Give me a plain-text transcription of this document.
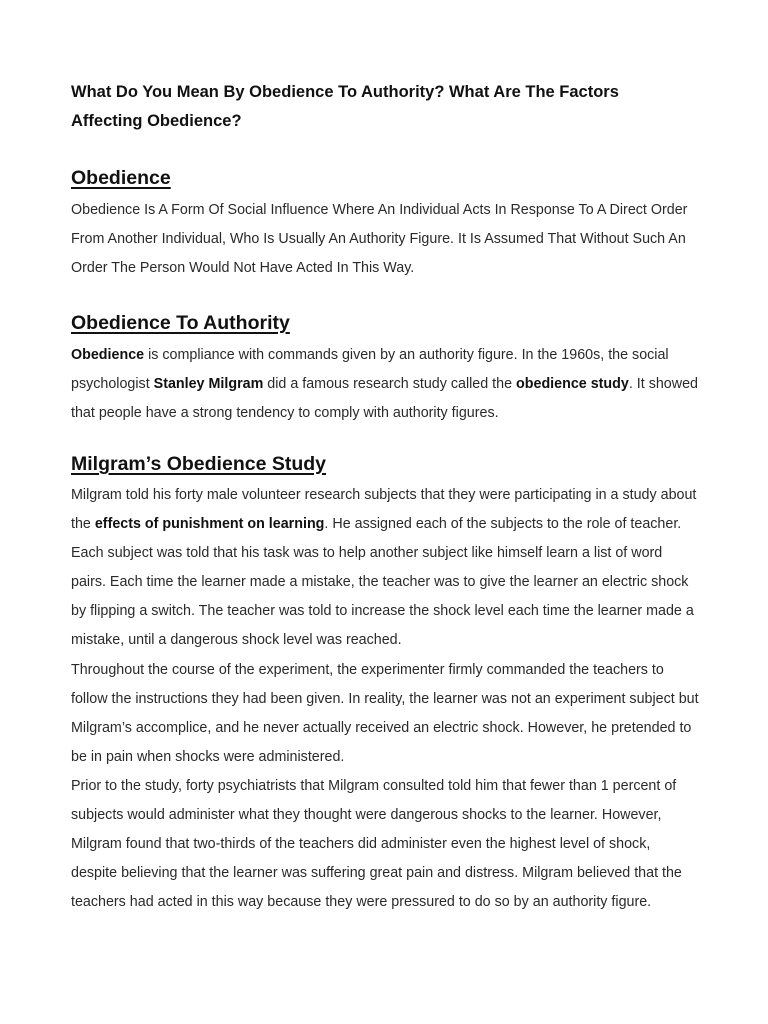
What Do You Mean By Obedience To Authority? What Are The Factors Affecting Obedience?
Obedience

Obedience Is A Form Of Social Influence Where An Individual Acts In Response To A Direct Order From Another Individual, Who Is Usually An Authority Figure. It Is Assumed That Without Such An Order The Person Would Not Have Acted In This Way.

Obedience To Authority

Obedience is compliance with commands given by an authority figure. In the 1960s, the social psychologist Stanley Milgram did a famous research study called the obedience study. It showed that people have a strong tendency to comply with authority figures.

Milgram’s Obedience Study

Milgram told his forty male volunteer research subjects that they were participating in a study about the effects of punishment on learning. He assigned each of the subjects to the role of teacher. Each subject was told that his task was to help another subject like himself learn a list of word pairs. Each time the learner made a mistake, the teacher was to give the learner an electric shock by flipping a switch. The teacher was told to increase the shock level each time the learner made a mistake, until a dangerous shock level was reached.

Throughout the course of the experiment, the experimenter firmly commanded the teachers to follow the instructions they had been given. In reality, the learner was not an experiment subject but Milgram’s accomplice, and he never actually received an electric shock. However, he pretended to be in pain when shocks were administered.

Prior to the study, forty psychiatrists that Milgram consulted told him that fewer than 1 percent of subjects would administer what they thought were dangerous shocks to the learner. However, Milgram found that two-thirds of the teachers did administer even the highest level of shock, despite believing that the learner was suffering great pain and distress. Milgram believed that the teachers had acted in this way because they were pressured to do so by an authority figure.
